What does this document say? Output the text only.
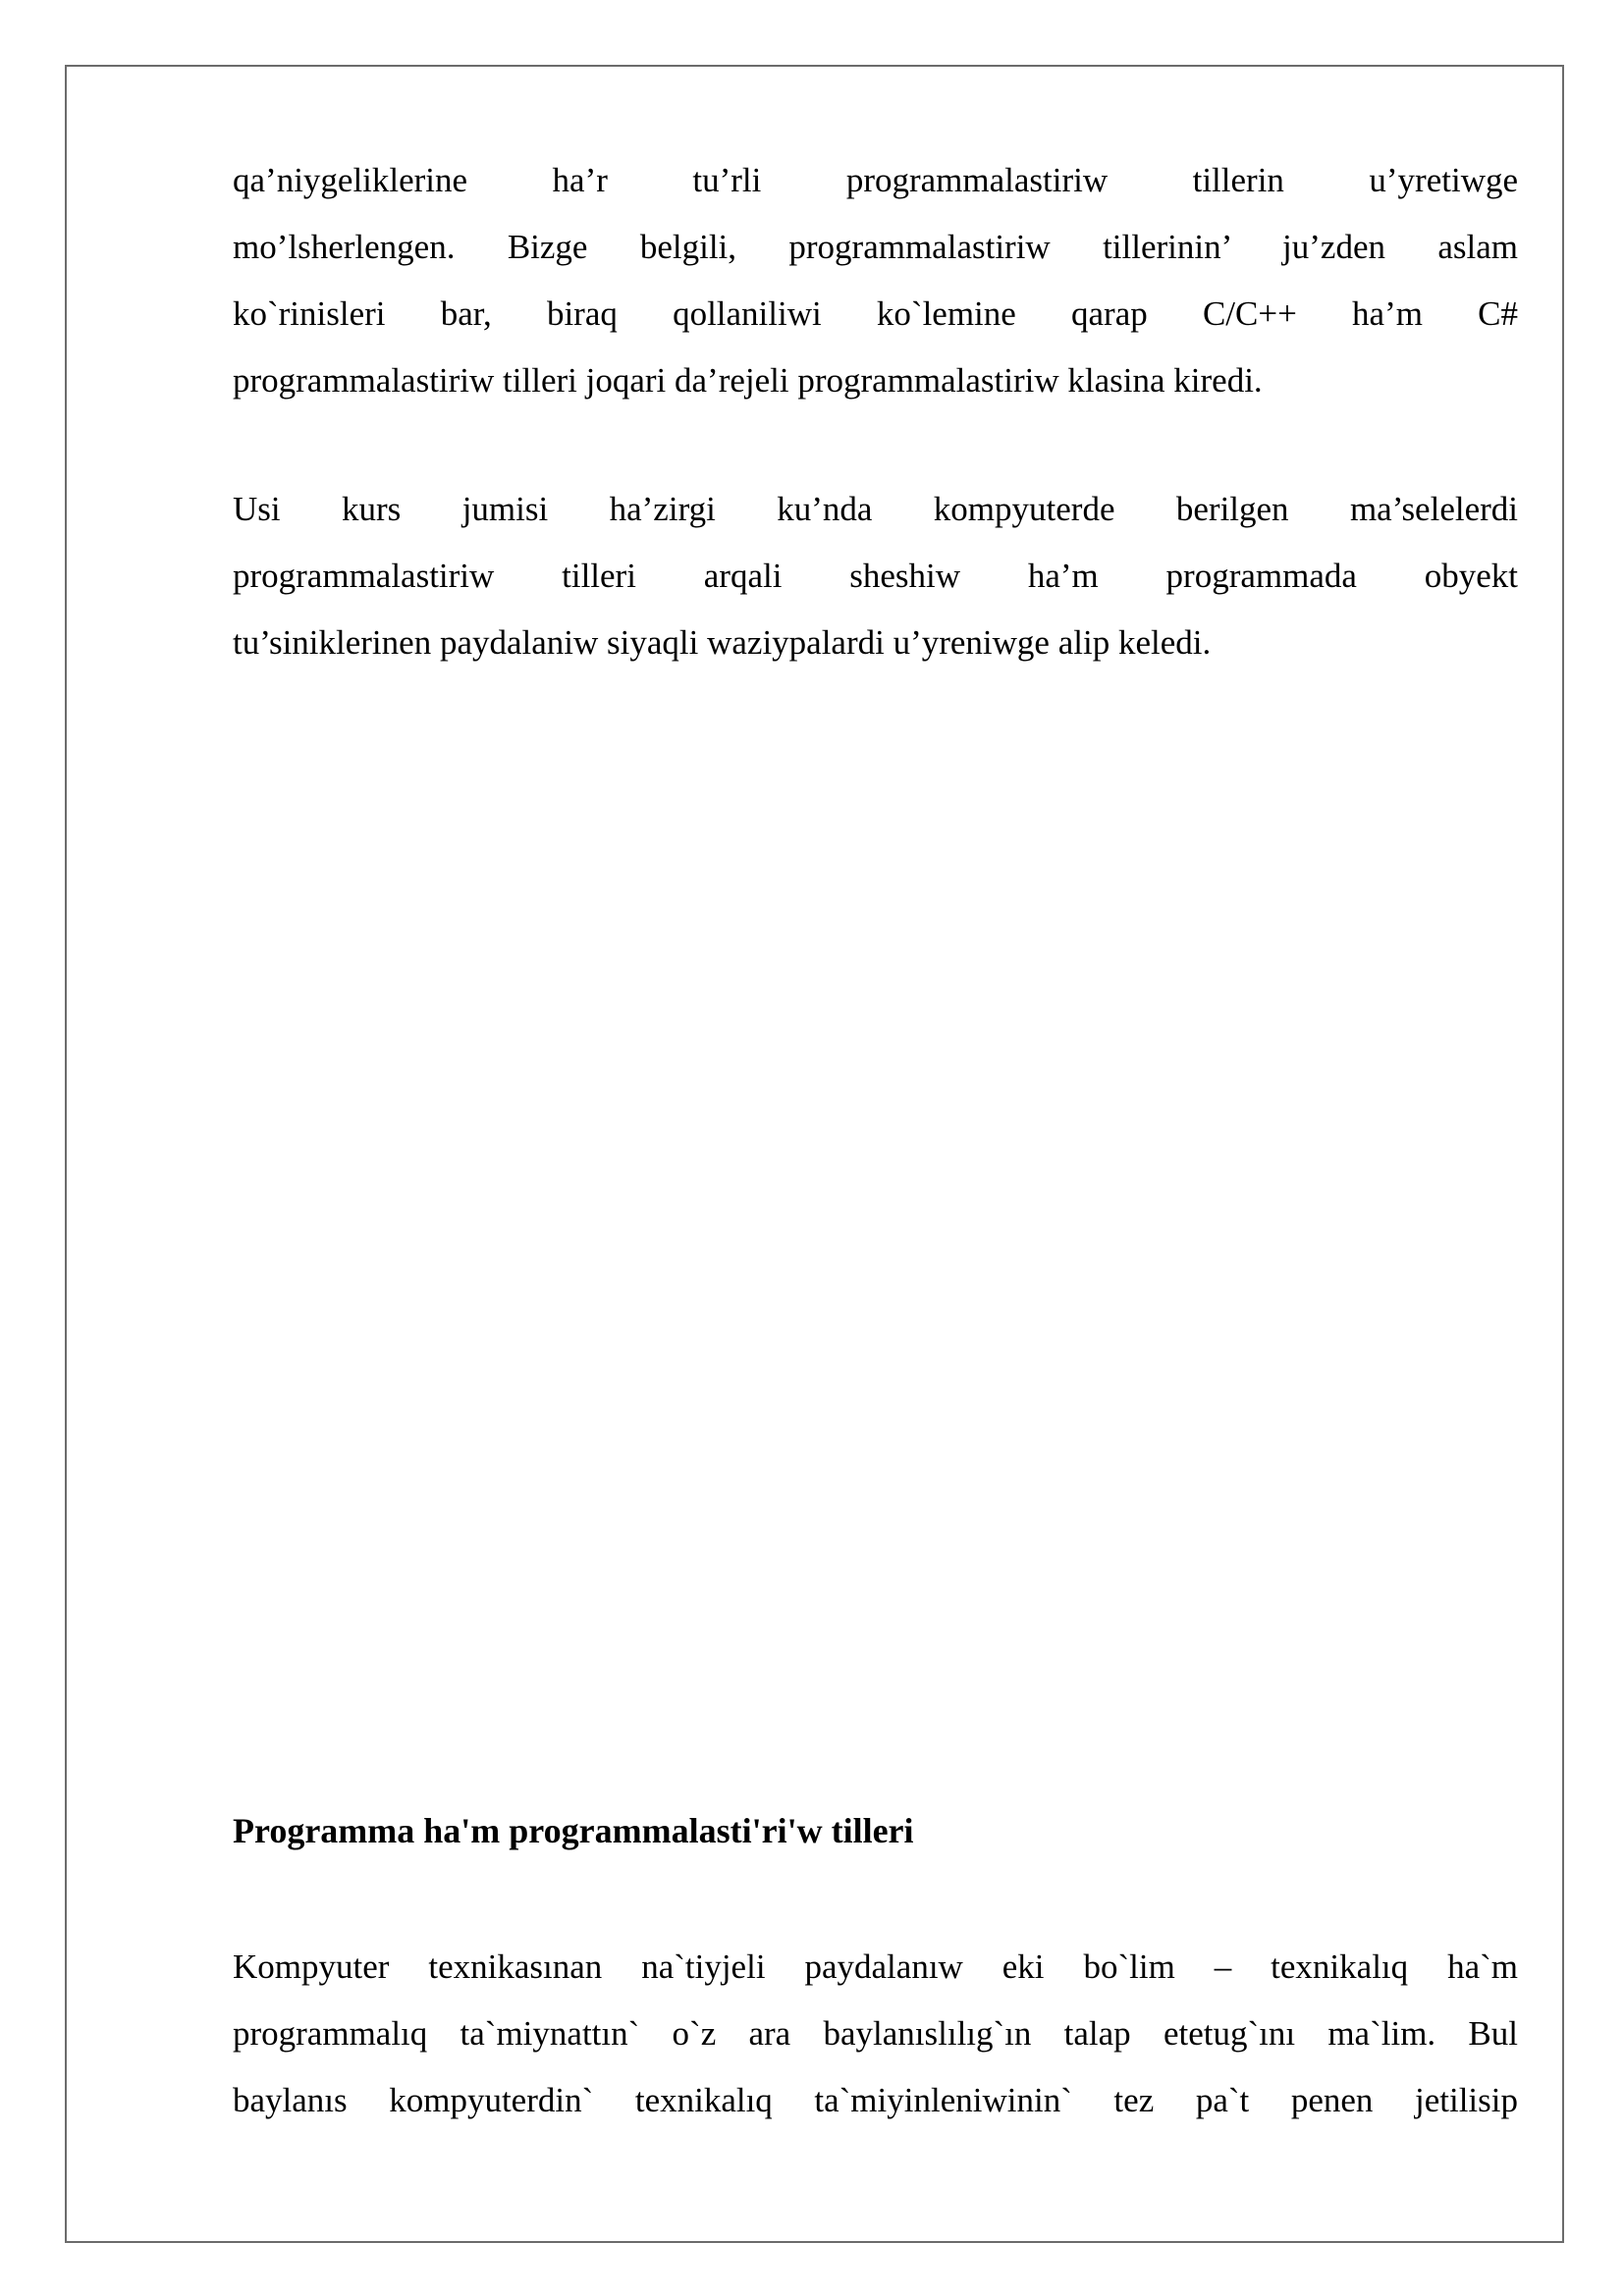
qa’niygeliklerine ha’r tu’rli programmalastiriw tillerin u’yretiwge
mo’lsherlengen. Bizge belgili, programmalastiriw tillerinin’ ju’zden aslam
ko`rinisleri bar, biraq qollaniliwi ko`lemine qarap C/C++ ha’m C#
programmalastiriw tilleri joqari da’rejeli programmalastiriw klasina kiredi.
Usi kurs jumisi ha’zirgi ku’nda kompyuterde berilgen ma’selelerdi
programmalastiriw tilleri arqali sheshiw ha’m programmada obyekt
tu’siniklerinen paydalaniw siyaqli waziypalardi u’yreniwge alip keledi.
Programma ha'm programmalasti'ri'w tilleri
Kompyuter texnikasınan na`tiyjeli paydalanıw eki bo`lim – texnikalıq ha`m
programmalıq ta`miynattın` o`z ara baylanıslılıg`ın talap etetug`ını ma`lim. Bul
baylanıs kompyuterdin` texnikalıq ta`miyinleniwinin` tez pa`t penen jetilisip
